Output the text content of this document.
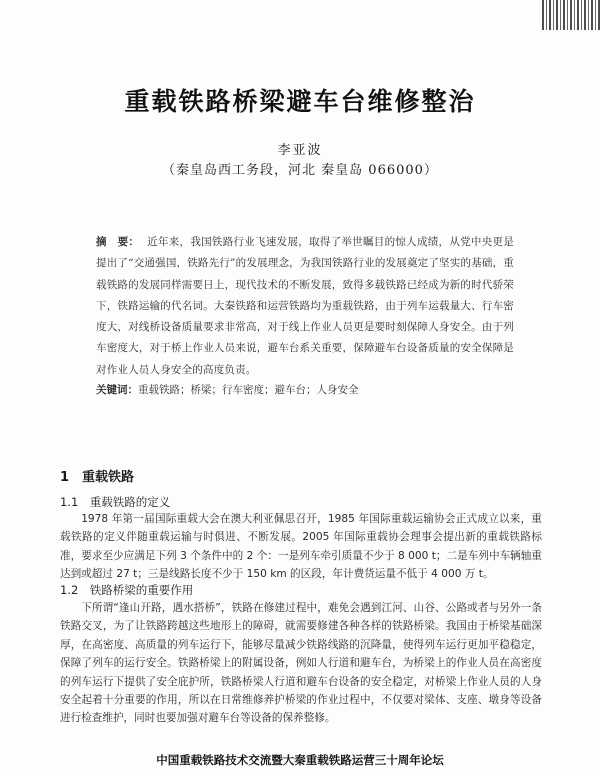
重载铁路桥梁避车台维修整治
李亚波
（秦皇岛西工务段，河北 秦皇岛 066000）
摘　要： 近年来，我国铁路行业飞速发展，取得了举世瞩目的惊人成绩，从党中央更是提出了“交通强国，铁路先行”的发展理念，为我国铁路行业的发展奠定了坚实的基础，重载铁路的发展同样需要日上，现代技术的不断发展，致得多载铁路已经成为新的时代骄荣下，铁路运输的代名词。大秦铁路和运营铁路均为重载铁路，由于列车运载量大、行车密度大，对线桥设备质量要求非常高，对于线上作业人员更是要时刻保障人身安全。由于列车密度大，对于桥上作业人员来说，避车台系关重要，保障避车台设备质量的安全保障是对作业人员人身安全的高度负责。
关键词：重载铁路；桥梁；行车密度；避车台；人身安全
1　重载铁路
1.1　重载铁路的定义
1978 年第一届国际重载大会在澳大利亚佩思召开，1985 年国际重载运输协会正式成立以来，重载铁路的定义伴随重载运输与时俱进、不断发展。2005 年国际重载协会理事会提出新的重载铁路标准，要求至少应满足下列 3 个条件中的 2 个：一是列车牵引质量不少于 8 000 t；二是车列中车辆轴重达到或超过 27 t；三是线路长度不少于 150 km 的区段，年计费货运量不低于 4 000 万 t。
1.2　铁路桥梁的重要作用
下所谓“逢山开路，遇水搭桥”，铁路在修建过程中，难免会遇到江河、山谷、公路或者与另外一条铁路交叉，为了让铁路跨越这些地形上的障碍，就需要修建各种各样的铁路桥梁。我国由于桥梁基础深厚，在高密度、高质量的列车运行下，能够尽量减少铁路线路的沉降量，使得列车运行更加平稳稳定，保障了列车的运行安全。铁路桥梁上的附属设备，例如人行道和避车台，为桥梁上的作业人员在高密度的列车运行下提供了安全庇护所，铁路桥梁人行道和避车台设备的安全稳定，对桥梁上作业人员的人身安全起着十分重要的作用，所以在日常维修养护桥梁的作业过程中，不仅要对梁体、支座、墩身等设备进行检查维护，同时也要加强对避车台等设备的保养整修。
中国重载铁路技术交流暨大秦重载铁路运营三十周年论坛
